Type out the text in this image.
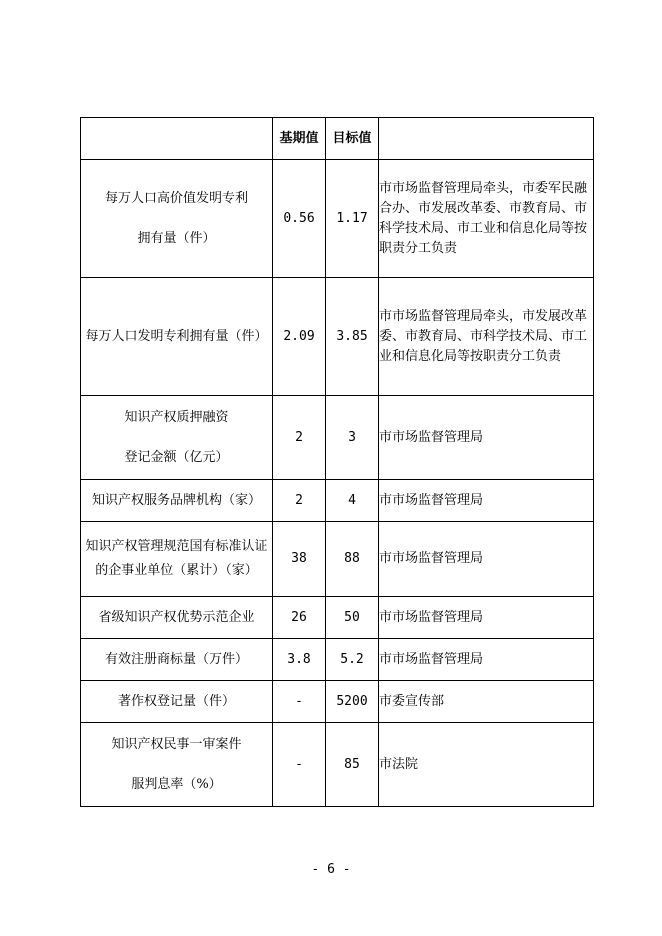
	基期值	目标值	

每万人口高价值发明专利
拥有量（件）	0.56	1.17	市市场监督管理局牵头，市委军民融合办、市发展改革委、市教育局、市科学技术局、市工业和信息化局等按职责分工负责

每万人口发明专利拥有量（件）	2.09	3.85	市市场监督管理局牵头，市发展改革委、市教育局、市科学技术局、市工业和信息化局等按职责分工负责

知识产权质押融资
登记金额（亿元）	2	3	市市场监督管理局

知识产权服务品牌机构（家）	2	4	市市场监督管理局

知识产权管理规范国有标准认证的企事业单位（累计）（家）	38	88	市市场监督管理局

省级知识产权优势示范企业	26	50	市市场监督管理局

有效注册商标量（万件）	3.8	5.2	市市场监督管理局

著作权登记量（件）	-	5200	市委宣传部

知识产权民事一审案件
服判息率（%）	-	85	市法院
- 6 -
